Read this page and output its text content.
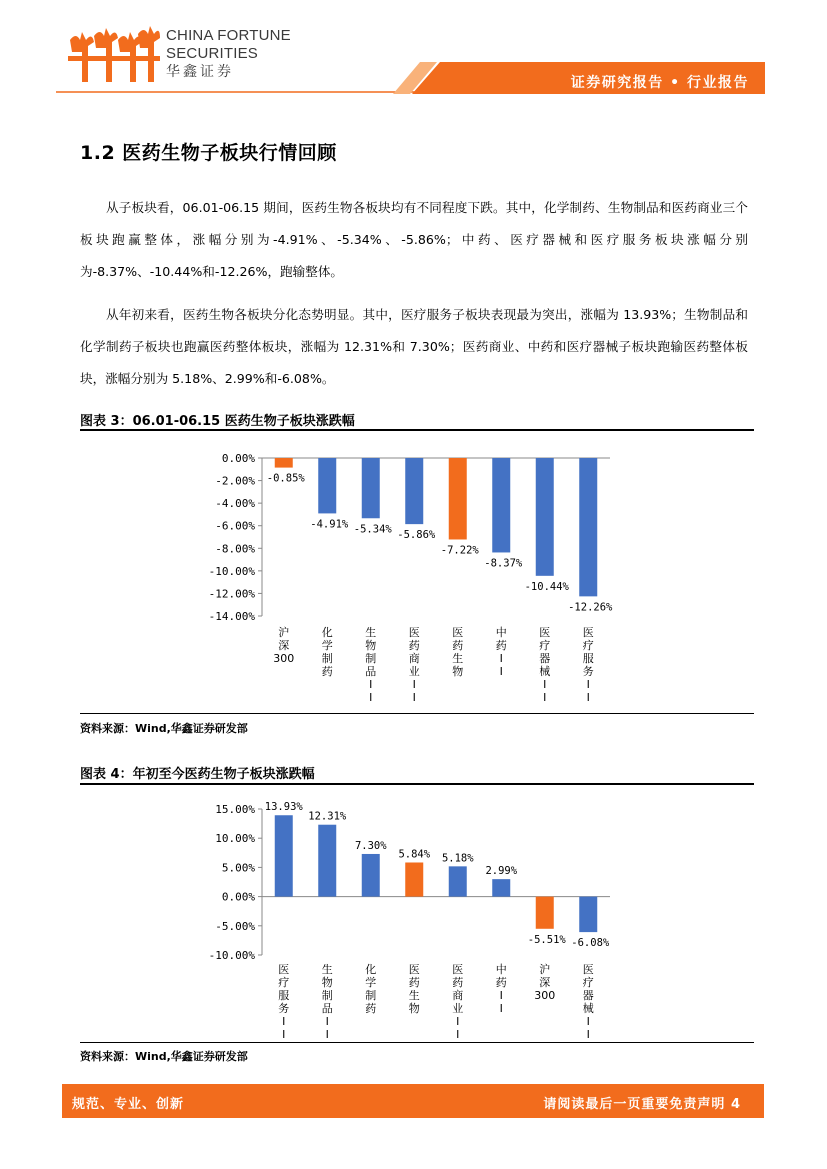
CHINA FORTUNE
SECURITIES
华鑫证券
证券研究报告 • 行业报告
1.2 医药生物子板块行情回顾
从子板块看，06.01-06.15 期间，医药生物各板块均有不同程度下跌。其中，化学制药、生物制品和医药商业三个板块跑赢整体，涨幅分别为-4.91%、-5.34%、-5.86%；中药、医疗器械和医疗服务板块涨幅分别为-8.37%、-10.44%和-12.26%，跑输整体。
从年初来看，医药生物各板块分化态势明显。其中，医疗服务子板块表现最为突出，涨幅为 13.93%；生物制品和化学制药子板块也跑赢医药整体板块，涨幅为 12.31%和 7.30%；医药商业、中药和医疗器械子板块跑输医药整体板块，涨幅分别为 5.18%、2.99%和-6.08%。
图表 3：06.01-06.15 医药生物子板块涨跌幅
0.00%
-2.00%
-4.00%
-6.00%
-8.00%
-10.00%
-12.00%
-14.00%
-0.85%
沪深 300
-4.91%
化学制药
-5.34%
生物制品 I I
-5.86%
医药商业 I I
-7.22%
医药生物
-8.37%
中药 I I
-10.44%
医疗器械 I I
-12.26%
医疗服务 I I
资料来源：Wind,华鑫证券研发部
图表 4：年初至今医药生物子板块涨跌幅
15.00%
10.00%
5.00%
0.00%
-5.00%
-10.00%
13.93%
医疗服务 I I
12.31%
生物制品 I I
7.30%
化学制药
5.84%
医药生物
5.18%
医药商业 I I
2.99%
中药 I I
-5.51%
沪深 300
-6.08%
医疗器械 I I
资料来源：Wind,华鑫证券研发部
规范、专业、创新	请阅读最后一页重要免责声明 4
